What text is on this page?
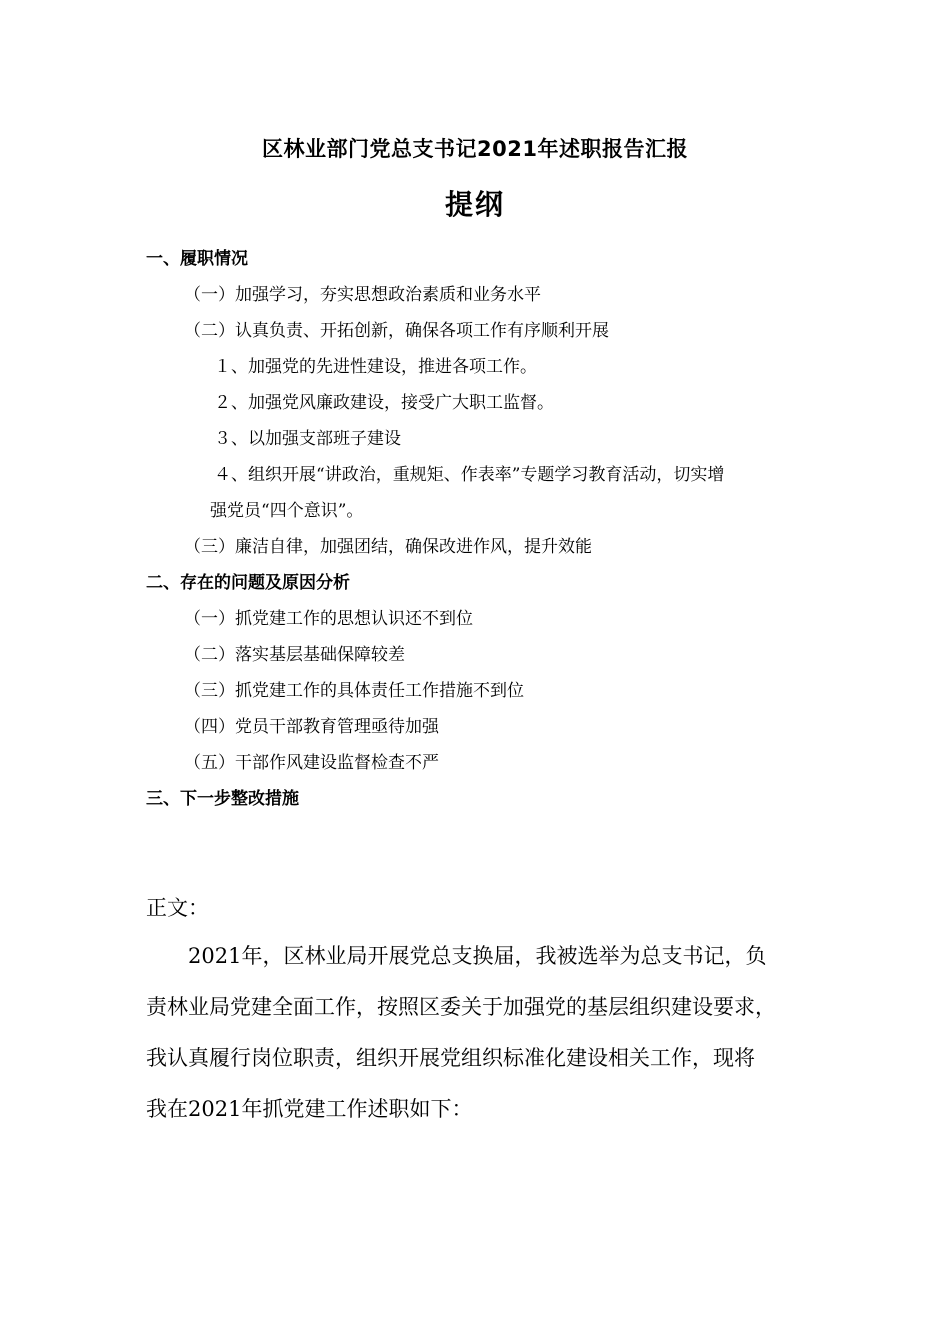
区林业部门党总支书记2021年述职报告汇报
提纲
一、履职情况
（一）加强学习，夯实思想政治素质和业务水平
（二）认真负责、开拓创新，确保各项工作有序顺利开展
１、加强党的先进性建设，推进各项工作。
２、加强党风廉政建设，接受广大职工监督。
３、以加强支部班子建设
４、组织开展“讲政治，重规矩、作表率”专题学习教育活动，切实增
强党员“四个意识”。
（三）廉洁自律，加强团结，确保改进作风，提升效能
二、存在的问题及原因分析
（一）抓党建工作的思想认识还不到位
（二）落实基层基础保障较差
（三）抓党建工作的具体责任工作措施不到位
（四）党员干部教育管理亟待加强
（五）干部作风建设监督检查不严
三、下一步整改措施
正文：
2021年，区林业局开展党总支换届，我被选举为总支书记，负
责林业局党建全面工作，按照区委关于加强党的基层组织建设要求，
我认真履行岗位职责，组织开展党组织标准化建设相关工作，现将
我在2021年抓党建工作述职如下：
